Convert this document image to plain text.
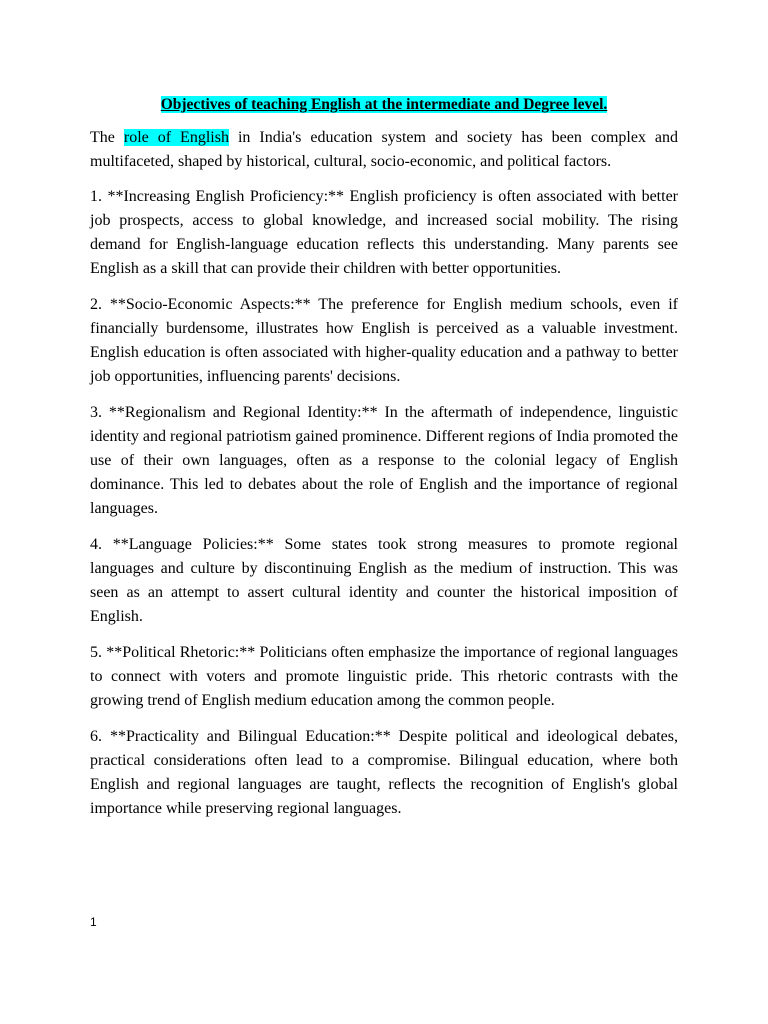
Objectives of teaching English at the intermediate and Degree level.

The role of English in India's education system and society has been complex and multifaceted, shaped by historical, cultural, socio-economic, and political factors.

1. **Increasing English Proficiency:** English proficiency is often associated with better job prospects, access to global knowledge, and increased social mobility. The rising demand for English-language education reflects this understanding. Many parents see English as a skill that can provide their children with better opportunities.

2. **Socio-Economic Aspects:** The preference for English medium schools, even if financially burdensome, illustrates how English is perceived as a valuable investment. English education is often associated with higher-quality education and a pathway to better job opportunities, influencing parents' decisions.

3. **Regionalism and Regional Identity:** In the aftermath of independence, linguistic identity and regional patriotism gained prominence. Different regions of India promoted the use of their own languages, often as a response to the colonial legacy of English dominance. This led to debates about the role of English and the importance of regional languages.

4. **Language Policies:** Some states took strong measures to promote regional languages and culture by discontinuing English as the medium of instruction. This was seen as an attempt to assert cultural identity and counter the historical imposition of English.

5. **Political Rhetoric:** Politicians often emphasize the importance of regional languages to connect with voters and promote linguistic pride. This rhetoric contrasts with the growing trend of English medium education among the common people.

6. **Practicality and Bilingual Education:** Despite political and ideological debates, practical considerations often lead to a compromise. Bilingual education, where both English and regional languages are taught, reflects the recognition of English's global importance while preserving regional languages.

1
